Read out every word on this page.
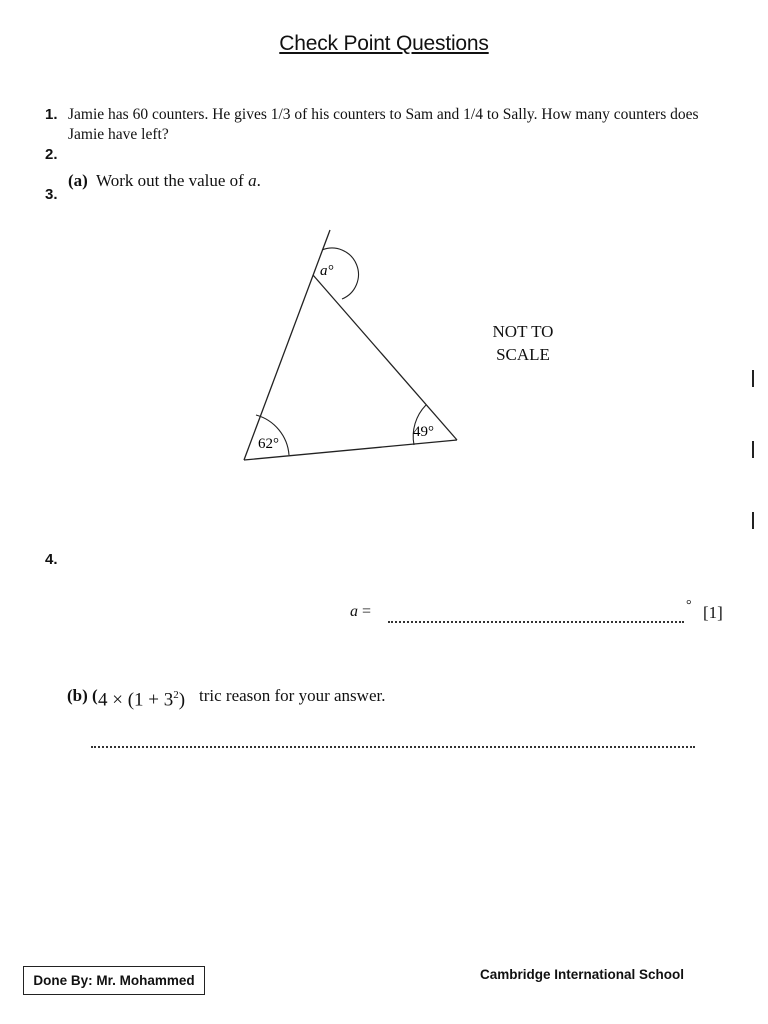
Check Point Questions
1. Jamie has 60 counters. He gives 1/3 of his counters to Sam and 1/4 to Sally. How many counters does
Jamie have left?
2.
3.
(a) Work out the value of a.
a°
62°
49°
NOT TO
SCALE
4.
a =	° [1]
(b) ( $4 \times (1 + 3^2)$ tric reason for your answer.
Done By: Mr. Mohammed	Cambridge International School
